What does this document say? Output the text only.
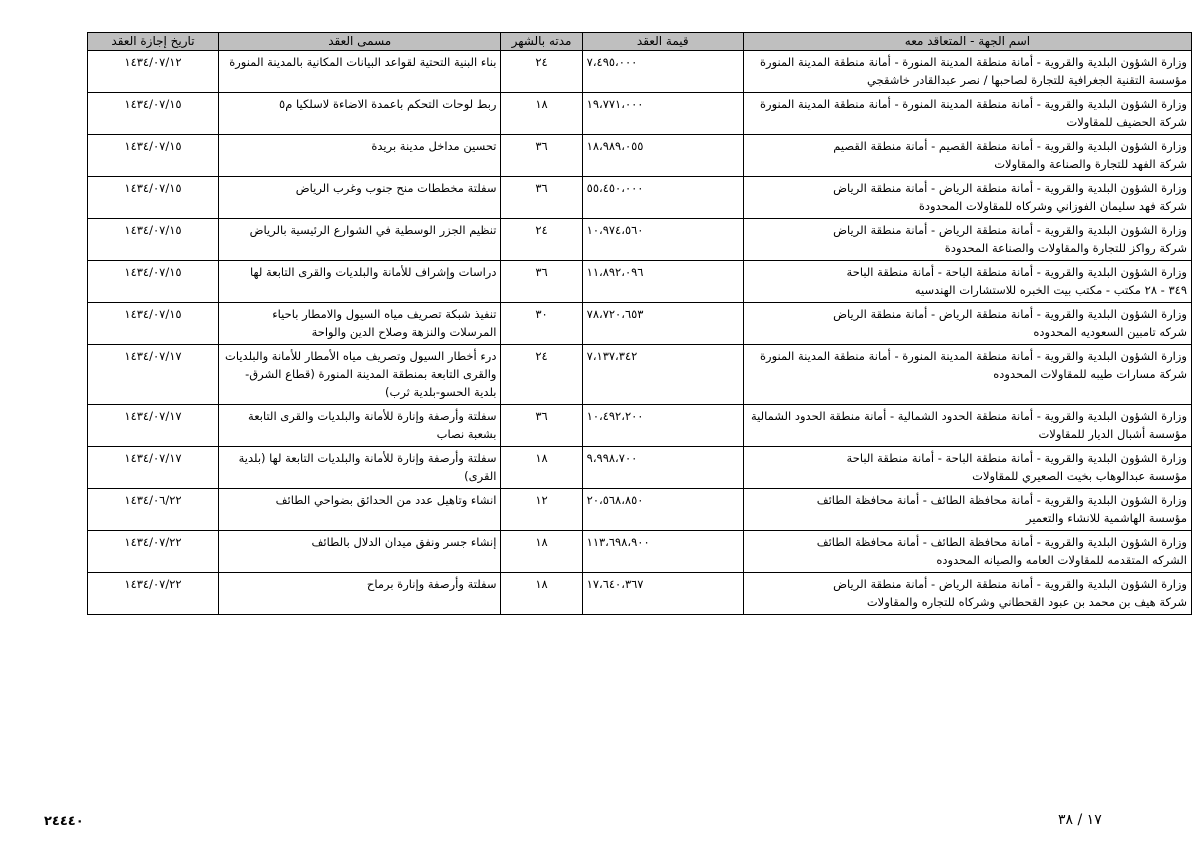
اسم الجهة - المتعاقد معه	قيمة العقد	مدته بالشهر	مسمى العقد	تاريخ إجازة العقد

وزارة الشؤون البلدية والقروية - أمانة منطقة المدينة المنورة - أمانة منطقة المدينة المنورة
مؤسسة التقنية الجغرافية للتجارة لصاحبها / نصر عبدالقادر خاشقجي	٧،٤٩٥،٠٠٠	٢٤	بناء البنية التحتية لقواعد البيانات المكانية بالمدينة المنورة	١٤٣٤/٠٧/١٢

وزارة الشؤون البلدية والقروية - أمانة منطقة المدينة المنورة - أمانة منطقة المدينة المنورة
شركة الحضيف للمقاولات	١٩،٧٧١،٠٠٠	١٨	ربط لوحات التحكم باعمدة الاضاءة لاسلكيا م٥	١٤٣٤/٠٧/١٥

وزارة الشؤون البلدية والقروية - أمانة منطقة القصيم - أمانة منطقة القصيم
شركة الفهد للتجارة والصناعة والمقاولات	١٨،٩٨٩،٠٥٥	٣٦	تحسين مداخل مدينة بريدة	١٤٣٤/٠٧/١٥

وزارة الشؤون البلدية والقروية - أمانة منطقة الرياض - أمانة منطقة الرياض
شركة فهد سليمان الفوزاني وشركاه للمقاولات المحدودة	٥٥،٤٥٠،٠٠٠	٣٦	سفلتة مخططات منح جنوب وغرب الرياض	١٤٣٤/٠٧/١٥

وزارة الشؤون البلدية والقروية - أمانة منطقة الرياض - أمانة منطقة الرياض
شركة رواكز للتجارة والمقاولات والصناعة المحدودة	١٠،٩٧٤،٥٦٠	٢٤	تنظيم الجزر الوسطية في الشوارع الرئيسية بالرياض	١٤٣٤/٠٧/١٥

وزارة الشؤون البلدية والقروية - أمانة منطقة الباحة - أمانة منطقة الباحة
٣٤٩ - ٢٨ مكتب - مكتب بيت الخبره للاستشارات الهندسيه	١١،٨٩٢،٠٩٦	٣٦	دراسات وإشراف للأمانة والبلديات والقرى التابعة لها	١٤٣٤/٠٧/١٥

وزارة الشؤون البلدية والقروية - أمانة منطقة الرياض - أمانة منطقة الرياض
شركه تامبين السعوديه المحدوده	٧٨،٧٢٠،٦٥٣	٣٠	تنفيذ شبكة تصريف مياه السيول والامطار باحياء المرسلات والنزهة وصلاح الدين والواحة	١٤٣٤/٠٧/١٥

وزارة الشؤون البلدية والقروية - أمانة منطقة المدينة المنورة - أمانة منطقة المدينة المنورة
شركة مسارات طيبه للمقاولات المحدوده	٧،١٣٧،٣٤٢	٢٤	درء أخطار السيول وتصريف مياه الأمطار للأمانة والبلديات والقرى التابعة بمنطقة المدينة المنورة (قطاع الشرق-بلدية الحسو-بلدية ثرب)	١٤٣٤/٠٧/١٧

وزارة الشؤون البلدية والقروية - أمانة منطقة الحدود الشمالية - أمانة منطقة الحدود الشمالية
مؤسسة أشبال الديار للمقاولات	١٠،٤٩٢،٢٠٠	٣٦	سفلتة وأرصفة وإنارة للأمانة والبلديات والقرى التابعة بشعبة نصاب	١٤٣٤/٠٧/١٧

وزارة الشؤون البلدية والقروية - أمانة منطقة الباحة - أمانة منطقة الباحة
مؤسسة عبدالوهاب بخيت الصعيري للمقاولات	٩،٩٩٨،٧٠٠	١٨	سفلتة وأرصفة وإنارة للأمانة والبلديات التابعة لها (بلدية القرى)	١٤٣٤/٠٧/١٧

وزارة الشؤون البلدية والقروية - أمانة محافظة الطائف - أمانة محافظة الطائف
مؤسسة الهاشمية للانشاء والتعمير	٢٠،٥٦٨،٨٥٠	١٢	انشاء وتاهيل عدد من الحدائق بضواحي الطائف	١٤٣٤/٠٦/٢٢

وزارة الشؤون البلدية والقروية - أمانة محافظة الطائف - أمانة محافظة الطائف
الشركه المتقدمه للمقاولات العامه والصيانه المحدوده	١١٣،٦٩٨،٩٠٠	١٨	إنشاء جسر ونفق ميدان الدلال بالطائف	١٤٣٤/٠٧/٢٢

وزارة الشؤون البلدية والقروية - أمانة منطقة الرياض - أمانة منطقة الرياض
شركة هيف بن محمد بن عبود القحطاني وشركاه للتجاره والمقاولات	١٧،٦٤٠،٣٦٧	١٨	سفلتة وأرصفة وإنارة برماح	١٤٣٤/٠٧/٢٢
٢٤٤٤٠	١٧ / ٣٨
